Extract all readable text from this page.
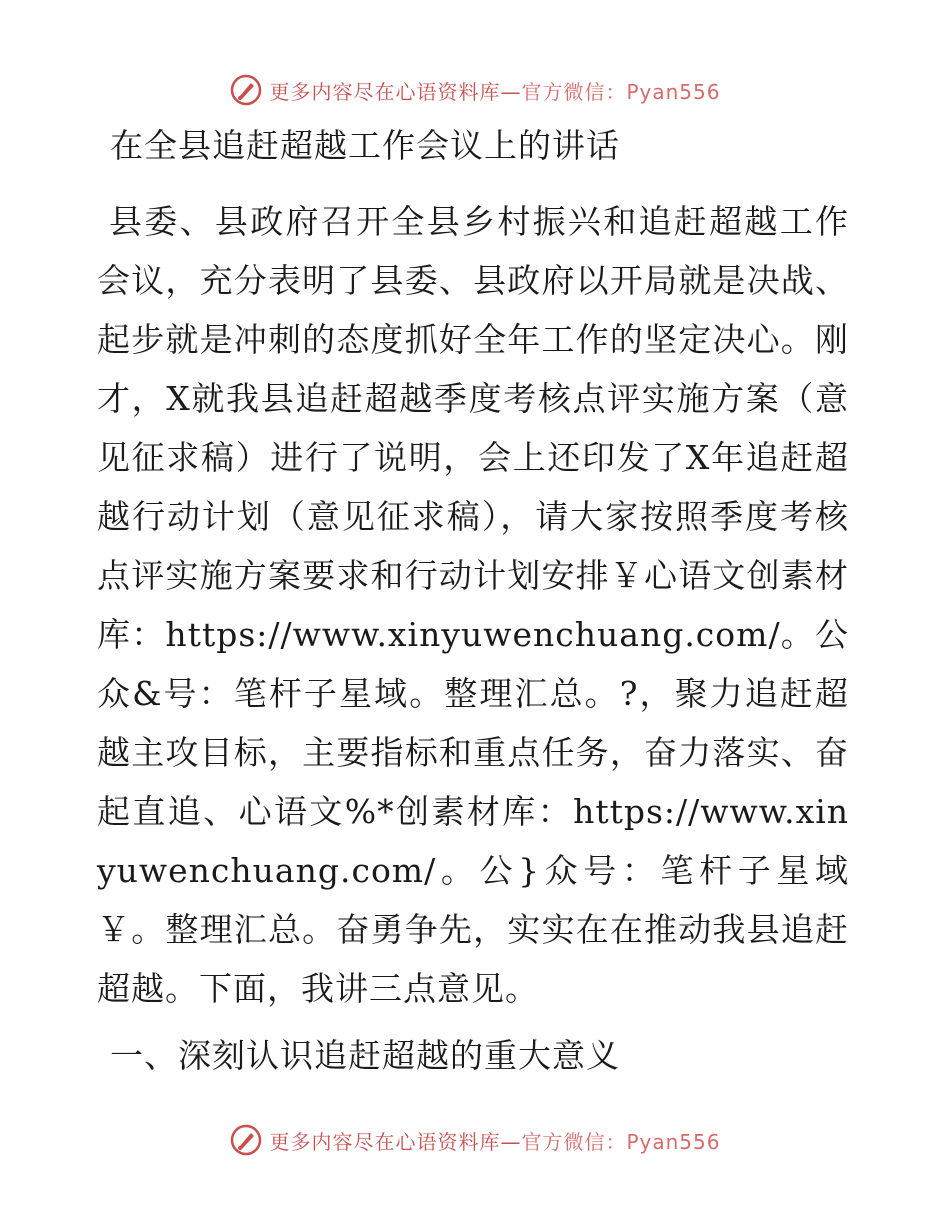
更多内容尽在心语资料库—官方微信：Pyan556
在全县追赶超越工作会议上的讲话
县委、县政府召开全县乡村振兴和追赶超越工作会议，充分表明了县委、县政府以开局就是决战、起步就是冲刺的态度抓好全年工作的坚定决心。刚才，X就我县追赶超越季度考核点评实施方案（意见征求稿）进行了说明，会上还印发了X年追赶超越行动计划（意见征求稿），请大家按照季度考核点评实施方案要求和行动计划安排￥心语文创素材库：https://www.xinyuwenchuang.com/。公众&号：笔杆子星域。整理汇总。?，聚力追赶超越主攻目标，主要指标和重点任务，奋力落实、奋起直追、心语文%*创素材库：https://www.xinyuwenchuang.com/。公}众号：笔杆子星域￥。整理汇总。奋勇争先，实实在在推动我县追赶超越。下面，我讲三点意见。
一、深刻认识追赶超越的重大意义
更多内容尽在心语资料库—官方微信：Pyan556
